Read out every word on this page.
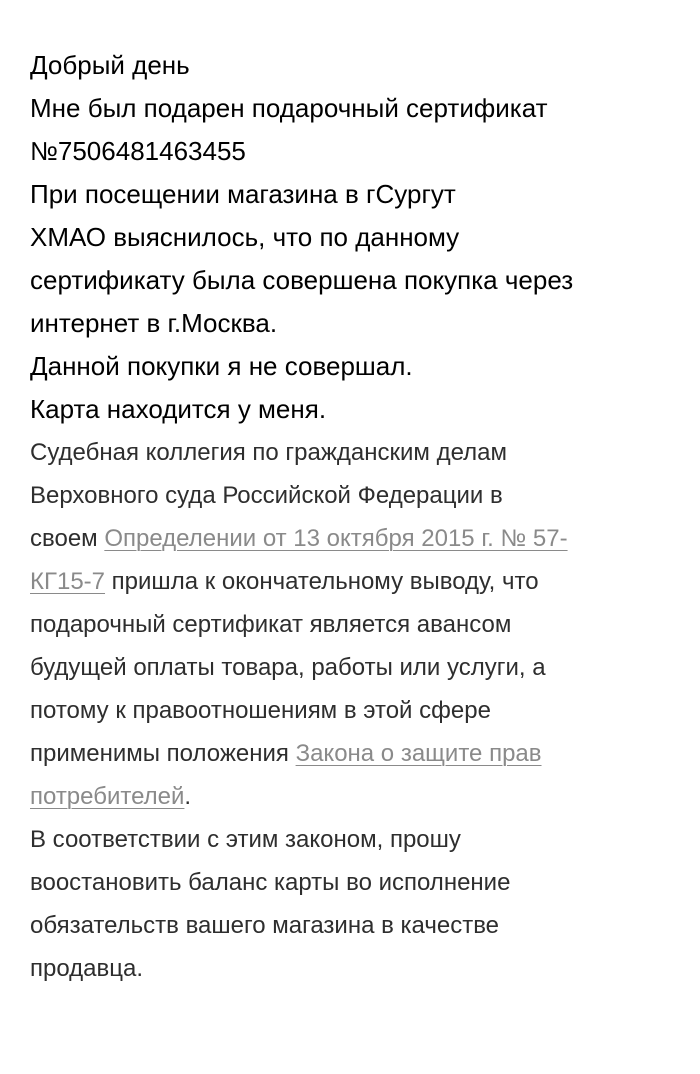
Добрый день
Мне был подарен подарочный сертификат
№7506481463455
При посещении магазина в гСургут
ХМАО выяснилось, что по данному
сертификату была совершена покупка через
интернет в г.Москва.
Данной покупки я не совершал.
Карта находится у меня.
Судебная коллегия по гражданским делам
Верховного суда Российской Федерации в
своем Определении от 13 октября 2015 г. № 57-
КГ15-7 пришла к окончательному выводу, что
подарочный сертификат является авансом
будущей оплаты товара, работы или услуги, а
потому к правоотношениям в этой сфере
применимы положения Закона о защите прав
потребителей.
В соответствии с этим законом, прошу
воостановить баланс карты во исполнение
обязательств вашего магазина в качестве
продавца.
